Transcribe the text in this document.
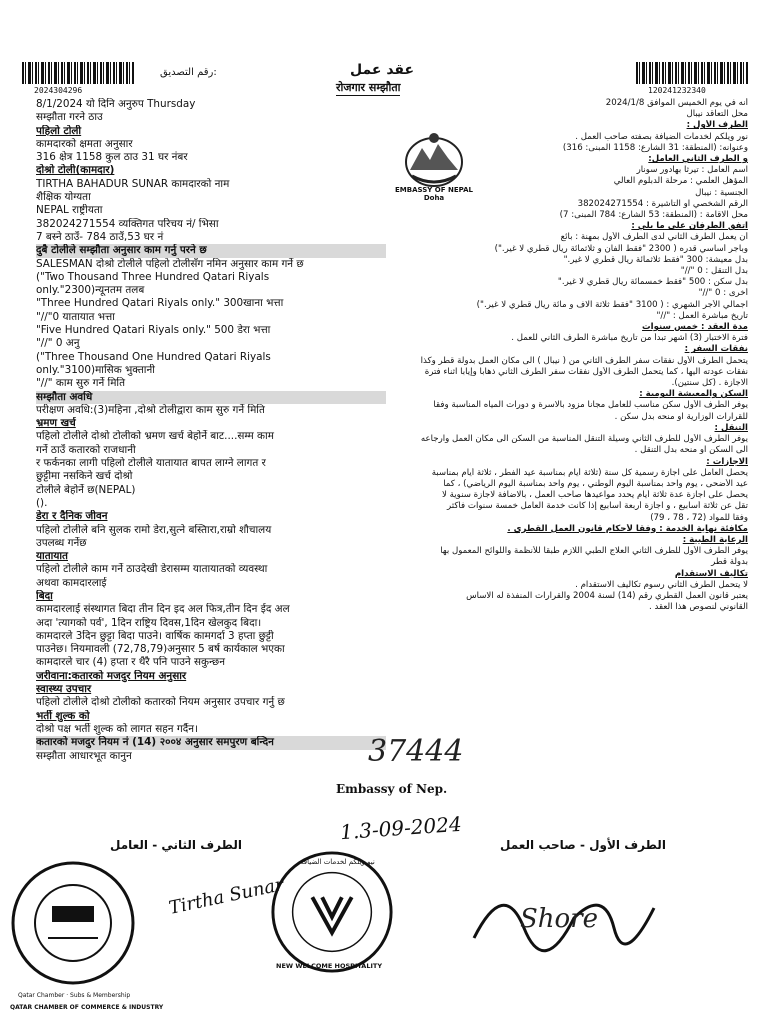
2024304296	120241232340
رقم التصديق:	عقد عمل
रोजगार सम्झौता
8/1/2024 यो दिनि अनुरुप Thursday
सम्झौता गरने ठाउ
पहिलो टोली
कामदारको क्षमता अनुसार
316 क्षेत्र 1158 कुल ठाउ 31 घर नंबर
दोश्रो टोली(कामदार)
TIRTHA BAHADUR SUNAR कामदारको नाम
शैक्षिक योग्यता
NEPAL राष्ट्रीयता
382024271554 व्यक्तिगत परिचय नं/ भिसा
7 बस्ने ठाउँ- 784 ठाउँ,53 घर नं
दुबै टोलीले सम्झौता अनुसार काम गर्नु परने छ
SALESMAN दोश्रो टोलीले पहिलो टोलीसँग नमिन अनुसार काम गर्ने छ
("Two Thousand Three Hundred Qatari Riyals
only."2300)न्यूनतम तलब
"Three Hundred Qatari Riyals only." 300खाना भत्ता
"//"0 यातायात भत्ता
"Five Hundred Qatari Riyals only." 500 डेरा भत्ता
"//" 0 अनु
("Three Thousand One Hundred Qatari Riyals
only."3100)मासिक भुक्तानी
"//" काम सुरु गर्ने मिति
सम्झौता अवधि
परीक्षण अवधि:(3)महिना ,दोश्रो टोलीद्वारा काम सुरु गर्ने मिति
भ्रमण खर्च
पहिलो टोलीले दोश्रो टोलीको भ्रमण खर्च बेहोर्ने बाट....सम्म काम
गर्ने ठाउँ कतारको राजधानी
र फर्कनका लागी पहिलो टोलीले यातायात बापत लाग्ने लागत र
छुट्टीमा नसकिने खर्च दोश्रो
टोलीले बेहोर्ने छ(NEPAL)
().
डेरा र दैनिक जीवन
पहिलो टोलीले बनि सुलक रामो डेरा,सुत्ने बस्तिारा,राम्रो शौचालय
उपलब्ध गर्नेछ
यातायात
पहिलो टोलीले काम गर्ने ठाउदेखी डेरासम्म यातायातको व्यवस्था
अथवा कामदारलाई
बिदा
कामदारलाई संस्थागत बिदा तीन दिन इद अल फित्र,तीन दिन ईद अल
अदा 'त्यागको पर्व', 1दिन राष्ट्रिय दिवस,1दिन खेलकुद बिदा।
कामदारले 3दिन छुट्टा बिदा पाउने। वार्षिक कामगर्दा 3 हप्ता छुट्टी
पाउनेछ। नियमावली (72,78,79)अनुसार 5 बर्ष कार्यकाल भएका
कामदारले चार (4) हप्ता र थैरै पनि पाउने सकुन्छन
जरीवाना:कतारको मजदुर नियम अनुसार
स्वास्थ्य उपचार
पहिलो टोलीले दोश्रो टोलीको कतारको नियम अनुसार उपचार गर्नु छ
भर्ती शुल्क को
दोश्रो पक्ष भर्ती शुल्क को लागत सहन गर्दैन।
कतारको मजदुर नियम नं (14) २००४ अनुसार समपुरण बन्दिन
सम्झौता आधारभूत कानुन
EMBASSY OF NEPAL
Doha
أنه في يوم الخميس الموافق 2024/1/8
محل التعاقد نيبال
الطرف الأول :
نور ويلكم لخدمات الضيافة بصفته صاحب العمل .
وعنوانه: (المنطقة: 31 الشارع: 1158 المبنى: 316)
و الطرف الثاني العامل:
اسم العامل : تيرثا بهادور سونار
المؤهل العلمي : مرحلة الدبلوم العالي
الجنسية : نيبال
الرقم الشخصي او التأشيرة : 382024271554
محل الاقامة : (المنطقة: 53 الشارع: 784 المبنى: 7)
اتفق الطرفان على ما يلي :
أن يعمل الطرف الثاني لدى الطرف الأول بمهنة : بائع
وبأجر أساسي قدره ( 2300 "فقط ألفان و ثلاثمائة ريال قطري لا غير.")
بدل معيشة: 300 "فقط ثلاثمائة ريال قطري لا غير."
بدل التنقل : 0 "//"
بدل سكن : 500 "فقط خمسمائة ريال قطري لا غير."
أخرى : 0 "//"
اجمالي الأجر الشهري : ( 3100 "فقط ثلاثة آلاف و مائة ريال قطري لا غير.")
تاريخ مباشرة العمل : "//"
مدة العقد : خمس سنوات
فترة الاختبار (3) أشهر تبدأ من تاريخ مباشرة الطرف الثاني للعمل .
نفقات السفر :
يتحمل الطرف الأول نفقات سفر الطرف الثاني من ( نيبال ) الى مكان العمل بدولة قطر وكذا
نفقات عودته اليها ، كما يتحمل الطرف الأول نفقات سفر الطرف الثاني ذهابا وإيابا اثناء فترة
الاجازة . (كل سنتين).
السكن والمعيشة اليومية :
يوفر الطرف الأول سكن مناسب للعامل مجانا مزود بالاسرة و دورات المياه المناسبة وفقا
للقرارات الوزارية او منحه بدل سكن .
التنقل :
يوفر الطرف الأول للطرف الثاني وسيلة التنقل المناسبة من السكن الى مكان العمل وارجاعه
الى السكن او منحه بدل التنقل .
الاجازات :
يحصل العامل على اجازة رسمية كل سنة (ثلاثة أيام بمناسبة عيد الفطر ، ثلاثة أيام بمناسبة
عيد الأضحى ، يوم واحد بمناسبة اليوم الوطني ، يوم واحد بمناسبة اليوم الرياضي) ، كما
يحصل على اجازة عدة ثلاثة أيام يحدد مواعيدها صاحب العمل ، بالاضافة لاجازة سنوية لا
تقل عن ثلاثة أسابيع ، و اجازة أربعة أسابيع إذا كانت خدمة العامل خمسة سنوات فأكثر
وفقا للمواد (72 ، 78 ، 79)
مكافئة نهاية الخدمة : وفقا لأحكام قانون العمل القطري .
الرعاية الطبية :
يوفر الطرف الأول للطرف الثاني العلاج الطبي اللازم طبقا للأنظمة واللوائح المعمول بها
بدولة قطر
تكاليف الاستقدام
لا يتحمل الطرف الثاني رسوم تكاليف الاستقدام .
يعتبر قانون العمل القطري رقم (14) لسنة 2004 والقرارات المنفذة له الاساس
القانوني لنصوص هذا العقد .
37444
Embassy of Nep.
1.3-09-2024
الطرف الثاني - العامل	الطرف الأول - صاحب العمل
QATAR CHAMBER OF COMMERCE & INDUSTRY
Qatar Chamber · Subs & Membership
Tirtha Sunar
نيو ويلكم لخدمات الضيافة
NEW WELCOME HOSPITALITY
Shore
